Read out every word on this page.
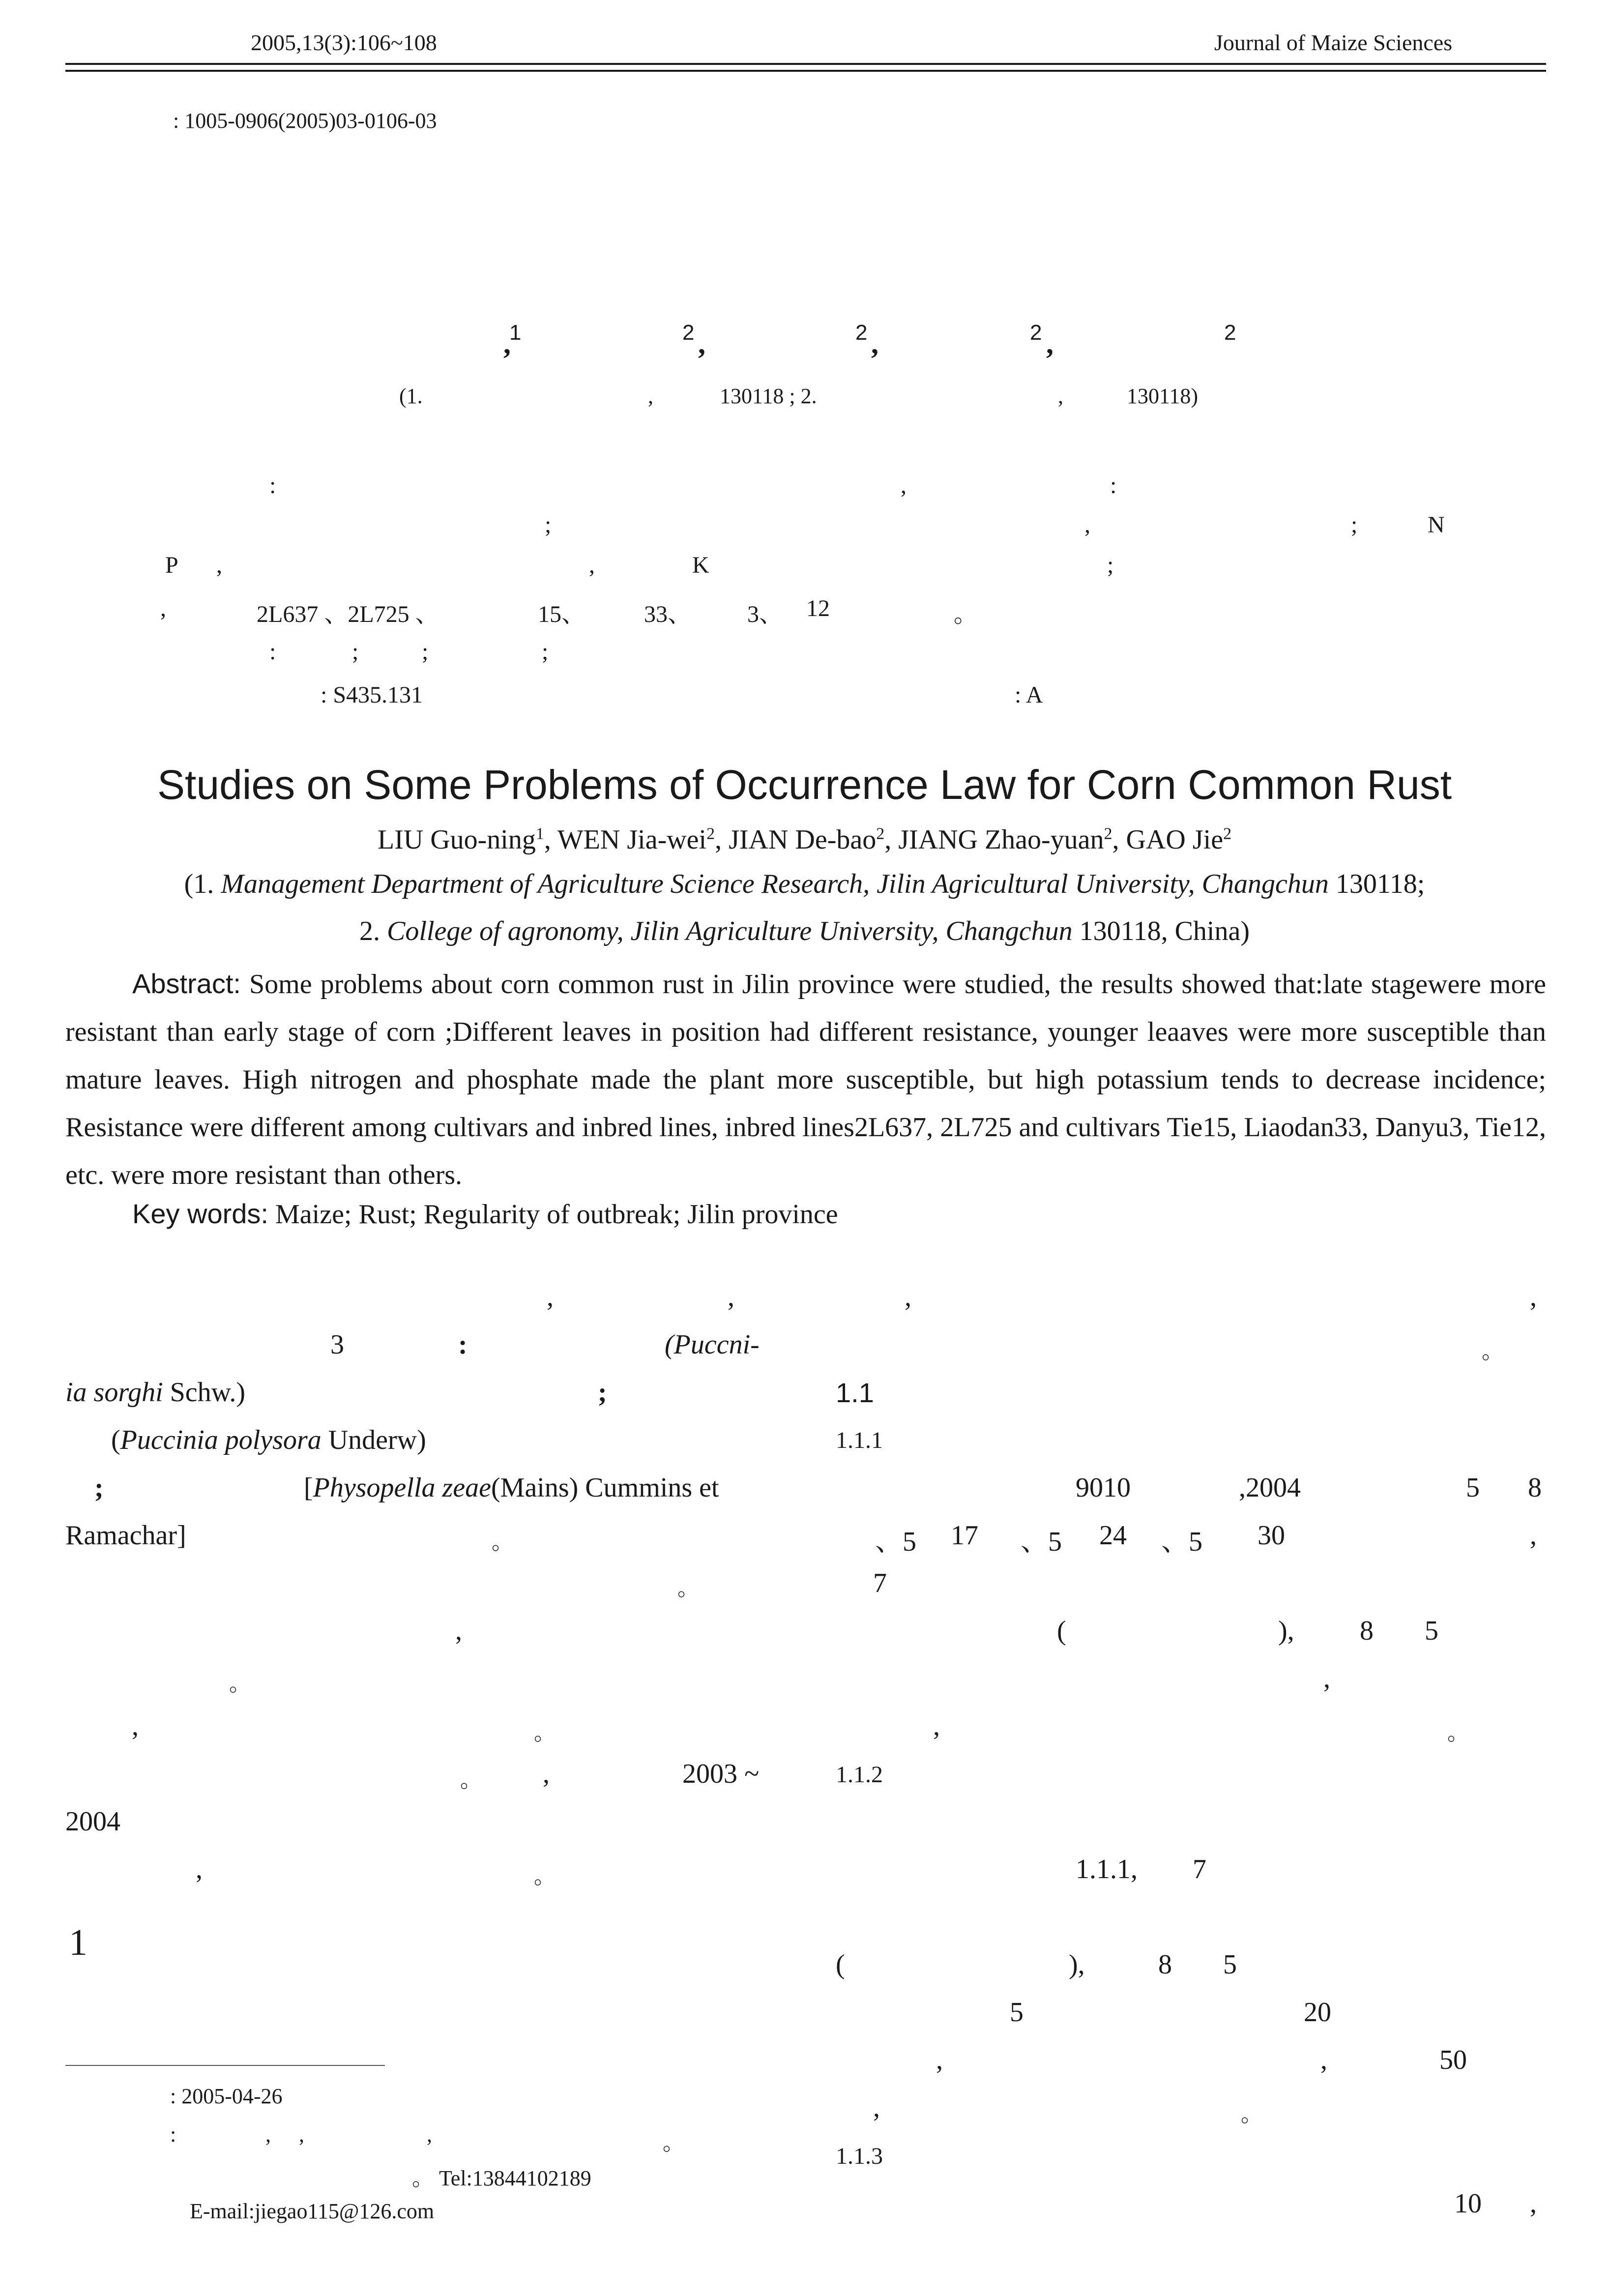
2005,13(3):106~108	Journal of Maize Sciences
: 1005-0906(2005)03-0106-03
1
,	2 ,	2 ,	2 ,	2
(1.	,	130118 ; 2.	,	130118)
:	,	:
;	,	;	N
P ,	,	K	;
,	2L637 、2L725 、	15、 33、 3、 12	。
:	;	;	;
: S435.131	: A
Studies on Some Problems of Occurrence Law for Corn Common Rust
LIU Guo-ning$^1$, WEN Jia-wei$^2$, JIAN De-bao$^2$, JIANG Zhao-yuan$^2$, GAO Jie$^2$
(1. Management Department of Agriculture Science Research, Jilin Agricultural University, Changchun 130118;
2. College of agronomy, Jilin Agriculture University, Changchun 130118, China)

Abstract: Some problems about corn common rust in Jilin province were studied, the results showed that:late stagewere more resistant than early stage of corn ;Different leaves in position had different resistance, younger leaaves were more susceptible than mature leaves. High nitrogen and phosphate made the plant more susceptible, but high potassium tends to decrease incidence; Resistance were different among cultivars and inbred lines, inbred lines2L637, 2L725 and cultivars Tie15, Liaodan33, Danyu3, Tie12, etc. were more resistant than others.

Key words: Maize; Rust; Regularity of outbreak; Jilin province
,	,
3	:	(Puccni-
ia sorghi Schw.)	;
(Puccinia polysora Underw)
;	[Physopella zeae(Mains) Cummins et
Ramachar]	。
。
,
。
,	。
。 ,	2003 ~
2004
,	。
1
,	,
。
1.1
1.1.1
9010	,2004	5 8
、5 17 、5 24 、5 30	,
7
(	), 8 5
,
,	。
1.1.2
1.1.1, 7
(	),	8 5
5	20
,	,	50
,	。
1.1.3
10 ,
: 2005-04-26
:	, ,	,	。
。 Tel:13844102189
E-mail:jiegao115@126.com
